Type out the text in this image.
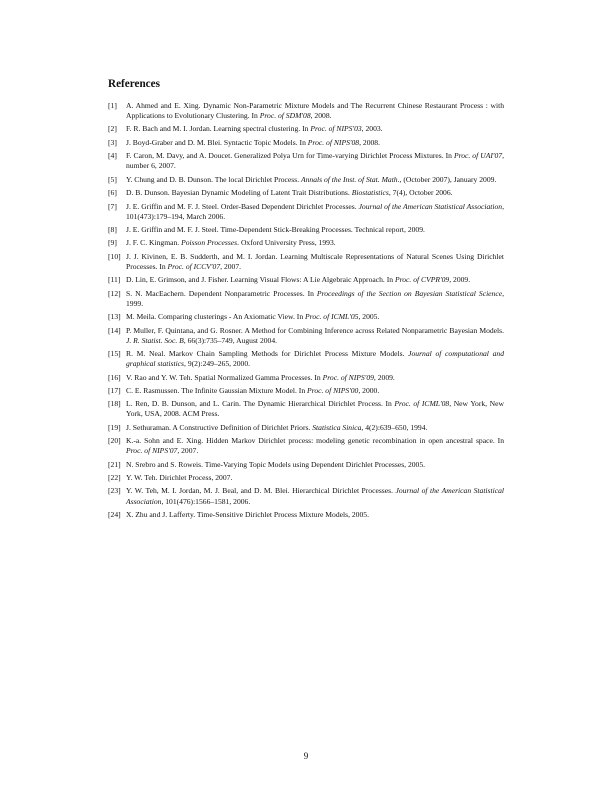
References
[1]	A. Ahmed and E. Xing. Dynamic Non-Parametric Mixture Models and The Recurrent Chinese Restaurant Process : with Applications to Evolutionary Clustering. In Proc. of SDM'08, 2008.
[2]	F. R. Bach and M. I. Jordan. Learning spectral clustering. In Proc. of NIPS'03, 2003.
[3]	J. Boyd-Graber and D. M. Blei. Syntactic Topic Models. In Proc. of NIPS'08, 2008.
[4]	F. Caron, M. Davy, and A. Doucet. Generalized Polya Urn for Time-varying Dirichlet Process Mixtures. In Proc. of UAI'07, number 6, 2007.
[5]	Y. Chung and D. B. Dunson. The local Dirichlet Process. Annals of the Inst. of Stat. Math., (October 2007), January 2009.
[6]	D. B. Dunson. Bayesian Dynamic Modeling of Latent Trait Distributions. Biostatistics, 7(4), October 2006.
[7]	J. E. Griffin and M. F. J. Steel. Order-Based Dependent Dirichlet Processes. Journal of the American Statistical Association, 101(473):179–194, March 2006.
[8]	J. E. Griffin and M. F. J. Steel. Time-Dependent Stick-Breaking Processes. Technical report, 2009.
[9]	J. F. C. Kingman. Poisson Processes. Oxford University Press, 1993.
[10] J. J. Kivinen, E. B. Sudderth, and M. I. Jordan. Learning Multiscale Representations of Natural Scenes Using Dirichlet Processes. In Proc. of ICCV'07, 2007.
[11] D. Lin, E. Grimson, and J. Fisher. Learning Visual Flows: A Lie Algebraic Approach. In Proc. of CVPR'09, 2009.
[12] S. N. MacEachern. Dependent Nonparametric Processes. In Proceedings of the Section on Bayesian Statistical Science, 1999.
[13] M. Meila. Comparing clusterings - An Axiomatic View. In Proc. of ICML'05, 2005.
[14] P. Muller, F. Quintana, and G. Rosner. A Method for Combining Inference across Related Nonparametric Bayesian Models. J. R. Statist. Soc. B, 66(3):735–749, August 2004.
[15] R. M. Neal. Markov Chain Sampling Methods for Dirichlet Process Mixture Models. Journal of computational and graphical statistics, 9(2):249–265, 2000.
[16] V. Rao and Y. W. Teh. Spatial Normalized Gamma Processes. In Proc. of NIPS'09, 2009.
[17] C. E. Rasmussen. The Infinite Gaussian Mixture Model. In Proc. of NIPS'00, 2000.
[18] L. Ren, D. B. Dunson, and L. Carin. The Dynamic Hierarchical Dirichlet Process. In Proc. of ICML'08, New York, New York, USA, 2008. ACM Press.
[19] J. Sethuraman. A Constructive Definition of Dirichlet Priors. Statistica Sinica, 4(2):639–650, 1994.
[20] K.-a. Sohn and E. Xing. Hidden Markov Dirichlet process: modeling genetic recombination in open ancestral space. In Proc. of NIPS'07, 2007.
[21] N. Srebro and S. Roweis. Time-Varying Topic Models using Dependent Dirichlet Processes, 2005.
[22] Y. W. Teh. Dirichlet Process, 2007.
[23] Y. W. Teh, M. I. Jordan, M. J. Beal, and D. M. Blei. Hierarchical Dirichlet Processes. Journal of the American Statistical Association, 101(476):1566–1581, 2006.
[24] X. Zhu and J. Lafferty. Time-Sensitive Dirichlet Process Mixture Models, 2005.
9
